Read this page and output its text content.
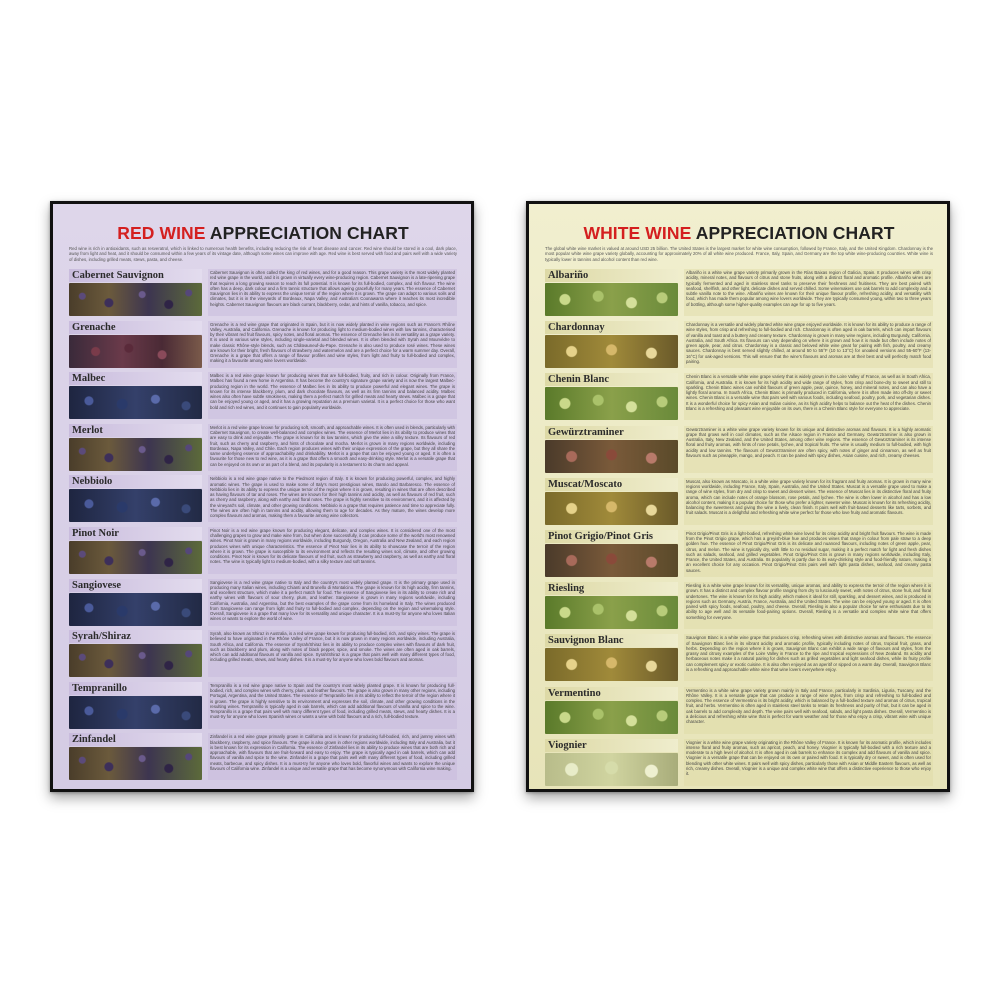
RED WINE APPRECIATION CHART
Red wine is rich in antioxidants, such as resveratrol, which is linked to numerous health benefits, including reducing the risk of heart disease and cancer. Red wine should be stored in a cool, dark place, away from light and heat, and it should be consumed within a few years of its vintage date, although some wines can improve with age. Red wine is best served with food and pairs well with a wide variety of dishes, including grilled meats, stews, pasta, and cheese.
Cabernet Sauvignon	Cabernet Sauvignon is often called the king of red wines, and for a good reason. This grape variety is the most widely planted red wine grape in the world, and it is grown in virtually every wine-producing region. Cabernet Sauvignon is a late-ripening grape that requires a long growing season to reach its full potential. It is known for its full-bodied, complex, and rich flavour. The wine often has a deep, dark colour and a firm tannic structure that allows ageing gracefully for many years. The essence of Cabernet Sauvignon lies in its ability to express the unique terroir of the region where it is grown. The grape can adapt to various soils and climates, but it is in the vineyards of Bordeaux, Napa Valley, and Australia's Coonawarra where it reaches its most incredible heights. Cabernet Sauvignon flavours are black currant, blackberry, cedar, and hints of vanilla, tobacco, and spice.
Grenache	Grenache is a red wine grape that originated in Spain, but it is now widely planted in wine regions such as France's Rhône Valley, Australia, and California. Grenache is known for producing light to medium-bodied wines with low tannins, characterised by their vibrant red fruit flavours, spicy notes, and floral aromas. The essence of Grenache lies in its versatility as a grape variety. It is used in various wine styles, including single-varietal and blended wines. It is often blended with Syrah and Mourvèdre to make classic Rhône-style blends, such as Châteauneuf-du-Pape. Grenache is also used to produce rosé wines. These wines are known for their bright, fresh flavours of strawberry and watermelon and are a perfect choice for a warm summer day. Overall, Grenache is a grape that offers a range of flavour profiles and wine styles, from light and fruity to full-bodied and complex, making it a favourite among wine lovers worldwide.
Malbec	Malbec is a red wine grape known for producing wines that are full-bodied, fruity, and rich in colour. Originally from France, Malbec has found a new home in Argentina. It has become the country's signature grape variety and is now the largest Malbec-producing region in the world. The essence of Malbec lies in its ability to produce powerful and elegant wines. The grape is known for its intense blackberry, plum, and dark chocolate flavours, as well as its firm tannins and balanced acidity. Malbec wines also often have subtle smokiness, making them a perfect match for grilled meats and hearty stews. Malbec is a grape that can be enjoyed young or aged, and it has a growing reputation as a premium varietal. It is a perfect choice for those who want bold and rich red wines, and it continues to gain popularity worldwide.
Merlot	Merlot is a red wine grape known for producing soft, smooth, and approachable wines. It is often used in blends, particularly with Cabernet Sauvignon, to create well-balanced and complex wines. The essence of Merlot lies in its ability to produce wines that are easy to drink and enjoyable. The grape is known for its low tannins, which give the wine a silky texture. Its flavours of red fruit, such as cherry and raspberry, and hints of chocolate and mocha. Merlot is grown in many regions worldwide, including Bordeaux, Napa Valley, and Chile. Each region produces wines with their unique expression of the grape, but they all share the same underlying essence of approachability and drinkability. Merlot is a grape that can be enjoyed young or aged. It is often a favourite for those new to red wine, as it is a grape that offers a smooth and easy-drinking style. Merlot is a versatile grape that can be enjoyed on its own or as part of a blend, and its popularity is a testament to its charm and appeal.
Nebbiolo	Nebbiolo is a red wine grape native to the Piedmont region of Italy. It is known for producing powerful, complex, and highly aromatic wines. The grape is used to make some of Italy's most prestigious wines, Barolo and Barbaresco. The essence of Nebbiolo lies in its ability to express the unique terroir of the region where it is grown, resulting in wines that are often described as having flavours of tar and roses. The wines are known for their high tannins and acidity, as well as flavours of red fruit, such as cherry and raspberry, along with earthy and floral notes. The grape is highly sensitive to its environment, and it is affected by the vineyard's soil, climate, and other growing conditions. Nebbiolo is a grape that requires patience and time to appreciate fully. The wines are often high in tannins and acidity, allowing them to age for decades. As they mature, the wines develop more complex flavours and aromas, making them a favourite among wine collectors.
Pinot Noir	Pinot Noir is a red wine grape known for producing elegant, delicate, and complex wines. It is considered one of the most challenging grapes to grow and make wine from, but when done successfully, it can produce some of the world's most renowned wines. Pinot Noir is grown in many regions worldwide, including Burgundy, Oregon, Australia and New Zealand, and each region produces wines with unique characteristics. The essence of Pinot Noir lies in its ability to showcase the terroir of the region where it is grown. The grape is susceptible to its environment and reflects the resulting wines soil, climate, and other growing conditions. Pinot Noir is known for its delicate flavours of red fruit, such as strawberry and raspberry, as well as earthy and floral notes. The wine is typically light to medium-bodied, with a silky texture and soft tannins.
Sangiovese	Sangiovese is a red wine grape native to Italy and the country's most widely planted grape. It is the primary grape used in producing many Italian wines, including Chianti and Brunello di Montalcino. The grape is known for its high acidity, firm tannins, and excellent structure, which make it a perfect match for food. The essence of Sangiovese lies in its ability to create rich and earthy wines with flavours of sour cherry, plum, and leather. Sangiovese is grown in many regions worldwide, including California, Australia, and Argentina, but the best examples of the grape come from its homeland in Italy. The wines produced from Sangiovese can range from light and fruity to full-bodied and complex, depending on the region and winemaking style. Overall, Sangiovese is a grape that many love for its versatility and unique character. It is a must-try for anyone who loves Italian wines or wants to explore the world of wine.
Syrah/Shiraz	Syrah, also known as Shiraz in Australia, is a red wine grape known for producing full-bodied, rich, and spicy wines. The grape is believed to have originated in the Rhône Valley of France, but it is now grown in many regions worldwide, including Australia, South Africa, and California. The essence of Syrah/Shiraz lies in its ability to produce complex wines with flavours of dark fruit, such as blackberry and plum, along with notes of black pepper, spice, and smoke. The wines are often aged in oak barrels, which can add additional flavours of vanilla and spice. Syrah/Shiraz is a grape that pairs well with many different types of food, including grilled meats, stews, and hearty dishes. It is a must-try for anyone who loves bold flavours and aromas.
Tempranillo	Tempranillo is a red wine grape native to Spain and the country's most widely planted grape. It is known for producing full-bodied, rich, and complex wines with cherry, plum, and leather flavours. The grape is also grown in many other regions, including Portugal, Argentina, and the United States. The essence of Tempranillo lies in its ability to reflect the terroir of the region where it is grown. The grape is highly sensitive to its environment and expresses the soil, climate, and other growing conditions in the resulting wines. Tempranillo is typically aged in oak barrels, which can add additional flavours of vanilla and spice to the wine. Tempranillo is a grape that pairs well with many different types of food, including grilled meats, stews, and hearty dishes. It is a must-try for anyone who loves Spanish wines or wants a wine with bold flavours and a rich, full-bodied texture.
Zinfandel	Zinfandel is a red wine grape primarily grown in California and is known for producing full-bodied, rich, and jammy wines with blackberry, raspberry, and spice flavours. The grape is also grown in other regions worldwide, including Italy and Australia, but it is best known for its expression in California. The essence of Zinfandel lies in its ability to produce wines that are both rich and approachable, with flavours that are fruit-forward and easy to enjoy. The grape is typically aged in oak barrels, which can add flavours of vanilla and spice to the wine. Zinfandel is a grape that pairs well with many different types of food, including grilled meats, barbecue, and spicy dishes. It is a must-try for anyone who loves bold, flavorful wines and wants to explore the unique flavours of California wine. Zinfandel is a unique and versatile grape that has become synonymous with California wine making.
WHITE WINE APPRECIATION CHART
The global white wine market is valued at around USD 25 billion. The United States is the largest market for white wine consumption, followed by France, Italy, and the United Kingdom. Chardonnay is the most popular white wine grape variety globally, accounting for approximately 20% of all white wine produced. France, Italy, Spain, and Germany are the top white wine-producing countries. White wine is typically lower in tannins and alcohol content than red wine.
Albariño	Albariño is a white wine grape variety primarily grown in the Rías Baixas region of Galicia, Spain. It produces wines with crisp acidity, mineral notes, and flavours of citrus and stone fruits, along with a distinct floral and aromatic profile. Albariño wines are typically fermented and aged in stainless steel tanks to preserve their freshness and fruitiness. They are best paired with seafood, shellfish, and other light, delicate dishes and served chilled. Some winemakers use oak barrels to add complexity and a subtle vanilla note to the wine. Albariño wines are known for their unique flavour profile, refreshing acidity, and versatility with food, which has made them popular among wine lovers worldwide. They are typically consumed young, within two to three years of bottling, although some higher-quality examples can age for up to five years.
Chardonnay	Chardonnay is a versatile and widely planted white wine grape enjoyed worldwide. It is known for its ability to produce a range of wine styles, from crisp and refreshing to full-bodied and rich. Chardonnay is often aged in oak barrels, which can impart flavours of vanilla and toast and a buttery and creamy texture. Chardonnay is grown in many wine regions, including Burgundy, California, Australia, and South Africa. Its flavours can vary depending on where it is grown and how it is made but often include notes of green apple, pear, and citrus. Chardonnay is a classic and beloved white wine great for pairing with fish, poultry, and creamy sauces. Chardonnay is best served slightly chilled, at around 50 to 55°F (10 to 13°C) for unoaked versions and 55-60°F (13-16°C) for oak-aged versions. This will ensure that the wine's flavours and aromas are at their best and will perfectly match food pairing.
Chenin Blanc	Chenin Blanc is a versatile white wine grape variety that is widely grown in the Loire Valley of France, as well as in South Africa, California, and Australia. It is known for its high acidity and wide range of styles, from crisp and bone-dry to sweet and still to sparkling. Chenin Blanc wines can exhibit flavours of green apple, pear, quince, honey, and mineral notes, and can also have a lightly floral aroma. In South Africa, Chenin Blanc is primarily produced in California, where it is often made into off-dry or sweet wines. Chenin Blanc is a versatile wine that pairs well with various foods, including seafood, poultry, pork, and vegetarian dishes. It is a wonderful choice for spicy Asian and Indian cuisine, as its high acidity helps to balance out the heat of the dishes. Chenin Blanc is a refreshing and pleasant wine enjoyable on its own, there is a Chenin Blanc style for everyone to appreciate.
Gewürztraminer	Gewürztraminer is a white wine grape variety known for its unique and distinctive aromas and flavours. It is a highly aromatic grape that grows well in cool climates, such as the Alsace region in France and Germany. Gewürztraminer is also grown in Australia, Italy, New Zealand, and the United States, among other wine regions. The essence of Gewürztraminer is its intense floral and fruity aromas, with hints of rose petals, lychee, and tropical fruits. The wine is usually medium to full-bodied, with high acidity and low tannins. The flavours of Gewürztraminer are often spicy, with notes of ginger and cinnamon, as well as fruit flavours such as pineapple, mango, and peach. It can be paired with spicy dishes, Asian cuisine, and rich, creamy cheeses.
Muscat/Moscato	Muscat, also known as Moscato, is a white wine grape variety known for its fragrant and fruity aromas. It is grown in many wine regions worldwide, including France, Italy, Spain, Australia, and the United States. Muscat is a versatile grape used to make a range of wine styles, from dry and crisp to sweet and dessert wines. The essence of Muscat lies in its distinctive floral and fruity aroma, which can include notes of orange blossom, rose petals, and lychee. The wine is often lower in alcohol and has a low alcohol content, making it a popular choice for those who prefer a lighter, sweeter wine. Muscat is known for its refreshing acidity, balancing the sweetness and giving the wine a lively, clean finish. It pairs well with fruit-based desserts like tarts, sorbets, and fruit salads. Muscat is a delightful and refreshing white wine perfect for those who love fruity and aromatic flavours.
Pinot Grigio/Pinot Gris	Pinot Grigio/Pinot Gris is a light-bodied, refreshing white wine loved for its crisp acidity and bright fruit flavours. The wine is made from the Pinot Grigio grape, which has a greyish-blue hue and produces wines that range in colour from pale straw to a deep golden hue. The essence of Pinot Grigio/Pinot Gris is its delicate and nuanced flavours, including notes of green apple, pear, citrus, and melon. The wine is typically dry, with little to no residual sugar, making it a perfect match for light and fresh dishes such as salads, seafood, and grilled vegetables. Pinot Grigio/Pinot Gris is grown in many regions worldwide, including Italy, France, the United States, and Australia. Its popularity is partly due to its easy-drinking style and food-friendly nature, making it an excellent choice for any occasion. Pinot Grigio/Pinot Gris pairs well with light pasta dishes, seafood, and creamy pasta sauces.
Riesling	Riesling is a white wine grape known for its versatility, unique aromas, and ability to express the terroir of the region where it is grown. It has a distinct and complex flavour profile ranging from dry to lusciously sweet, with notes of citrus, stone fruit, and floral undertones. The wine is known for its high acidity, which makes it ideal for still, sparkling, and dessert wines, and is produced in regions such as Germany, Austria, France, Australia, and the United States. The wine can be enjoyed young or aged. It is often paired with spicy foods, seafood, poultry, and cheese. Overall, Riesling is also a popular choice for wine enthusiasts due to its ability to age well and its versatile food-pairing options. Overall, Riesling is a versatile and complex white wine that offers something for everyone.
Sauvignon Blanc	Sauvignon Blanc is a white wine grape that produces crisp, refreshing wines with distinctive aromas and flavours. The essence of Sauvignon Blanc lies in its vibrant acidity and aromatic profile, typically including notes of citrus, tropical fruit, grass, and herbs. Depending on the region where it is grown, Sauvignon Blanc can exhibit a wide range of flavours and styles, from the grassy and citrusy examples of the Loire Valley in France to the ripe and tropical expressions of New Zealand. Its acidity and herbaceous notes make it a natural pairing for dishes such as grilled vegetables and light seafood dishes, while its fruity profile can complement spicy or exotic cuisine. It is also often enjoyed as an aperitif or sipped on a warm day. Overall, Sauvignon Blanc is a refreshing and approachable white wine that wine lovers everywhere enjoy.
Vermentino	Vermentino is a white wine grape variety grown mainly in Italy and France, particularly in Sardinia, Liguria, Tuscany, and the Rhône Valley. It is a versatile grape that can produce a range of wine styles, from crisp and refreshing to full-bodied and complex. The essence of Vermentino is its bright acidity, which is balanced by a full-bodied texture and aromas of citrus, tropical fruit, and herbs. Vermentino is often aged in stainless steel tanks to retain its freshness and purity of fruit, but it can be aged in oak barrels to add complexity and depth. The wine pairs well with seafood, salads, and light pasta dishes. Overall, Vermentino is a delicious and refreshing white wine that is perfect for warm weather and for those who enjoy a crisp, vibrant wine with unique character.
Viognier	Viognier is a white wine grape variety originating in the Rhône Valley of France. It is known for its aromatic profile, which includes intense floral and fruity aromas, such as apricot, peach, and honey. Viognier is typically full-bodied with a rich texture and a moderate to a high level of alcohol. It is often aged in oak barrels to enhance its complex and add flavours of vanilla and spice. Viognier is a versatile grape that can be enjoyed on its own or paired with food. It is typically dry or sweet, and is often used for blending with other white wines. It pairs well with spicy dishes, particularly those with Asian or Middle Eastern flavours, as well as rich, creamy dishes. Overall, Viognier is a unique and complex white wine that offers a distinctive experience to those who enjoy it.
